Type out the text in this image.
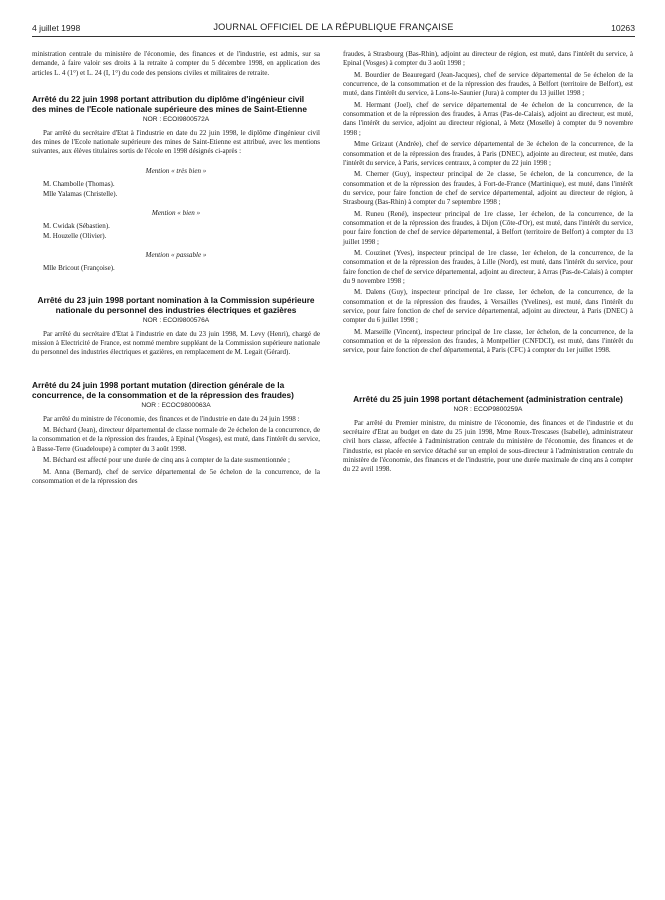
4 juillet 1998	JOURNAL OFFICIEL DE LA RÉPUBLIQUE FRANÇAISE	10263

ministration centrale du ministère de l'économie, des finances et de l'industrie, est admis, sur sa demande, à faire valoir ses droits à la retraite à compter du 5 décembre 1998, en application des articles L. 4 (1°) et L. 24 (I, 1°) du code des pensions civiles et militaires de retraite.

Arrêté du 22 juin 1998 portant attribution du diplôme d'ingénieur civil des mines de l'Ecole nationale supérieure des mines de Saint-Etienne
NOR : ECOI9800572A

Par arrêté du secrétaire d'Etat à l'industrie en date du 22 juin 1998, le diplôme d'ingénieur civil des mines de l'Ecole nationale supérieure des mines de Saint-Etienne est attribué, avec les mentions suivantes, aux élèves titulaires sortis de l'école en 1998 désignés ci-après :

Mention « très bien »
M. Chambolle (Thomas).
Mlle Yalamas (Christelle).
Mention « bien »
M. Cwidak (Sébastien).
M. Houzelle (Olivier).
Mention « passable »
Mlle Bricout (Françoise).
Arrêté du 23 juin 1998 portant nomination à la Commission supérieure nationale du personnel des industries électriques et gazières
NOR : ECOI9800576A

Par arrêté du secrétaire d'Etat à l'industrie en date du 23 juin 1998, M. Levy (Henri), chargé de mission à Electricité de France, est nommé membre suppléant de la Commission supérieure nationale du personnel des industries électriques et gazières, en remplacement de M. Legait (Gérard).

Arrêté du 24 juin 1998 portant mutation (direction générale de la concurrence, de la consommation et de la répression des fraudes)
NOR : ECOC9800063A

Par arrêté du ministre de l'économie, des finances et de l'industrie en date du 24 juin 1998 :

M. Béchard (Jean), directeur départemental de classe normale de 2e échelon de la concurrence, de la consommation et de la répression des fraudes, à Epinal (Vosges), est muté, dans l'intérêt du service, à Basse-Terre (Guadeloupe) à compter du 3 août 1998.

M. Béchard est affecté pour une durée de cinq ans à compter de la date susmentionnée ;

M. Anna (Bernard), chef de service départemental de 5e échelon de la concurrence, de la consommation et de la répression des

fraudes, à Strasbourg (Bas-Rhin), adjoint au directeur de région, est muté, dans l'intérêt du service, à Epinal (Vosges) à compter du 3 août 1998 ;

M. Bourdier de Beauregard (Jean-Jacques), chef de service départemental de 5e échelon de la concurrence, de la consommation et de la répression des fraudes, à Belfort (territoire de Belfort), est muté, dans l'intérêt du service, à Lons-le-Saunier (Jura) à compter du 13 juillet 1998 ;

M. Hermant (Joel), chef de service départemental de 4e échelon de la concurrence, de la consommation et de la répression des fraudes, à Arras (Pas-de-Calais), adjoint au directeur, est muté, dans l'intérêt du service, adjoint au directeur régional, à Metz (Moselle) à compter du 9 novembre 1998 ;

Mme Grizaut (Andrée), chef de service départemental de 3e échelon de la concurrence, de la consommation et de la répression des fraudes, à Paris (DNEC), adjointe au directeur, est mutée, dans l'intérêt du service, à Paris, services centraux, à compter du 22 juin 1998 ;

M. Cherner (Guy), inspecteur principal de 2e classe, 5e échelon, de la concurrence, de la consommation et de la répression des fraudes, à Fort-de-France (Martinique), est muté, dans l'intérêt du service, pour faire fonction de chef de service départemental, adjoint au directeur de région, à Strasbourg (Bas-Rhin) à compter du 7 septembre 1998 ;

M. Runeu (René), inspecteur principal de 1re classe, 1er échelon, de la concurrence, de la consommation et de la répression des fraudes, à Dijon (Côte-d'Or), est muté, dans l'intérêt du service, pour faire fonction de chef de service départemental, à Belfort (territoire de Belfort) à compter du 13 juillet 1998 ;

M. Couzinet (Yves), inspecteur principal de 1re classe, 1er échelon, de la concurrence, de la consommation et de la répression des fraudes, à Lille (Nord), est muté, dans l'intérêt du service, pour faire fonction de chef de service départemental, adjoint au directeur, à Arras (Pas-de-Calais) à compter du 9 novembre 1998 ;

M. Dalens (Guy), inspecteur principal de 1re classe, 1er échelon, de la concurrence, de la consommation et de la répression des fraudes, à Versailles (Yvelines), est muté, dans l'intérêt du service, pour faire fonction de chef de service départemental, adjoint au directeur, à Paris (DNEC) à compter du 6 juillet 1998 ;

M. Marseille (Vincent), inspecteur principal de 1re classe, 1er échelon, de la concurrence, de la consommation et de la répression des fraudes, à Montpellier (CNFDCI), est muté, dans l'intérêt du service, pour faire fonction de chef départemental, à Paris (CFC) à compter du 1er juillet 1998.

Arrêté du 25 juin 1998 portant détachement (administration centrale)
NOR : ECOP9800259A

Par arrêté du Premier ministre, du ministre de l'économie, des finances et de l'industrie et du secrétaire d'Etat au budget en date du 25 juin 1998, Mme Roux-Trescases (Isabelle), administrateur civil hors classe, affectée à l'administration centrale du ministère de l'économie, des finances et de l'industrie, est placée en service détaché sur un emploi de sous-directeur à l'administration centrale du ministère de l'économie, des finances et de l'industrie, pour une durée maximale de cinq ans à compter du 22 avril 1998.
